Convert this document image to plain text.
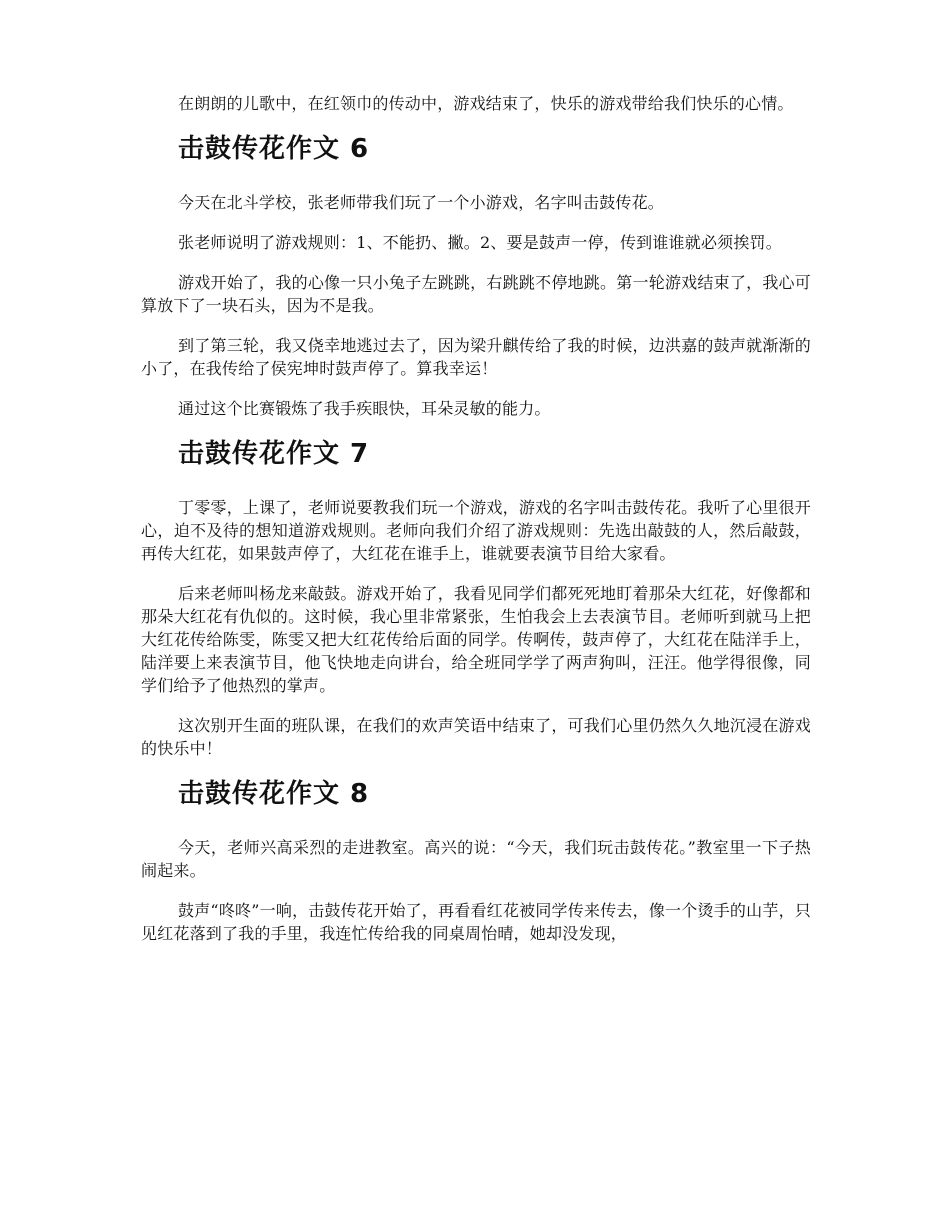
在朗朗的儿歌中，在红领巾的传动中，游戏结束了，快乐的游戏带给我们快乐的心情。

击鼓传花作文 6

今天在北斗学校，张老师带我们玩了一个小游戏，名字叫击鼓传花。

张老师说明了游戏规则：1、不能扔、撇。2、要是鼓声一停，传到谁谁就必须挨罚。

游戏开始了，我的心像一只小兔子左跳跳，右跳跳不停地跳。第一轮游戏结束了，我心可算放下了一块石头，因为不是我。

到了第三轮，我又侥幸地逃过去了，因为梁升麒传给了我的时候，边洪嘉的鼓声就渐渐的小了，在我传给了侯宪坤时鼓声停了。算我幸运！

通过这个比赛锻炼了我手疾眼快，耳朵灵敏的能力。

击鼓传花作文 7

丁零零，上课了，老师说要教我们玩一个游戏，游戏的名字叫击鼓传花。我听了心里很开心，迫不及待的想知道游戏规则。老师向我们介绍了游戏规则：先选出敲鼓的人，然后敲鼓，再传大红花，如果鼓声停了，大红花在谁手上，谁就要表演节目给大家看。

后来老师叫杨龙来敲鼓。游戏开始了，我看见同学们都死死地盯着那朵大红花，好像都和那朵大红花有仇似的。这时候，我心里非常紧张，生怕我会上去表演节目。老师听到就马上把大红花传给陈雯，陈雯又把大红花传给后面的同学。传啊传，鼓声停了，大红花在陆洋手上，陆洋要上来表演节目，他飞快地走向讲台，给全班同学学了两声狗叫，汪汪。他学得很像，同学们给予了他热烈的掌声。

这次别开生面的班队课，在我们的欢声笑语中结束了，可我们心里仍然久久地沉浸在游戏的快乐中！

击鼓传花作文 8

今天，老师兴高采烈的走进教室。高兴的说：“今天，我们玩击鼓传花。”教室里一下子热闹起来。

鼓声“咚咚”一响，击鼓传花开始了，再看看红花被同学传来传去，像一个烫手的山芋，只见红花落到了我的手里，我连忙传给我的同桌周怡晴，她却没发现，
